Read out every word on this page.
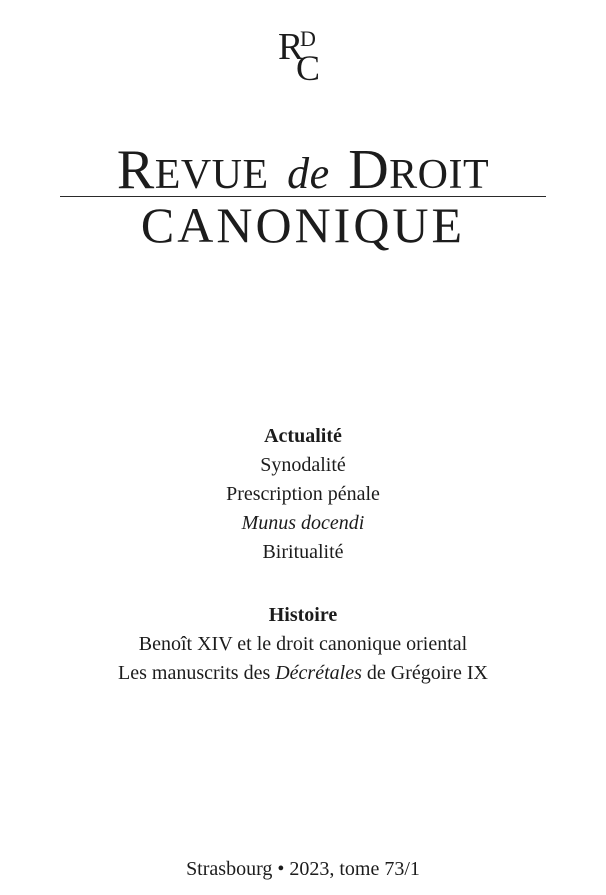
R
D
C
REVUE de DROIT
CANONIQUE
Actualité
Synodalité
Prescription pénale
Munus docendi
Biritualité
Histoire
Benoît XIV et le droit canonique oriental
Les manuscrits des Décrétales de Grégoire IX
Strasbourg • 2023, tome 73/1
